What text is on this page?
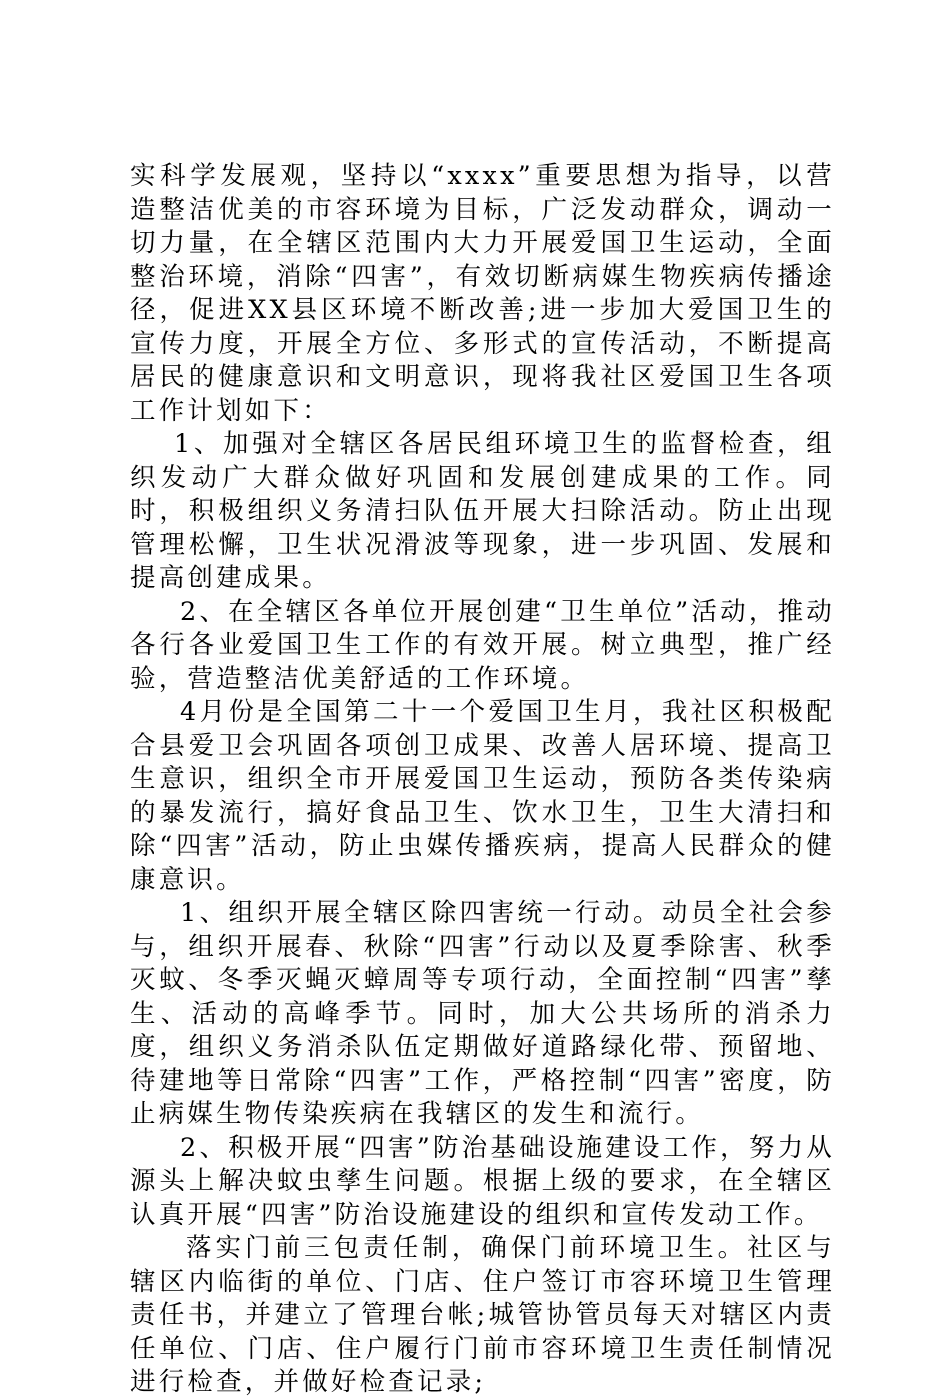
实科学发展观，坚持以“xxxx”重要思想为指导，以营造整洁优美的市容环境为目标，广泛发动群众，调动一切力量，在全辖区范围内大力开展爱国卫生运动，全面整治环境，消除“四害”，有效切断病媒生物疾病传播途径，促进XX县区环境不断改善;进一步加大爱国卫生的宣传力度，开展全方位、多形式的宣传活动，不断提高居民的健康意识和文明意识，现将我社区爱国卫生各项工作计划如下：

1、加强对全辖区各居民组环境卫生的监督检查，组织发动广大群众做好巩固和发展创建成果的工作。同时，积极组织义务清扫队伍开展大扫除活动。防止出现管理松懈，卫生状况滑波等现象，进一步巩固、发展和提高创建成果。

2、在全辖区各单位开展创建“卫生单位”活动，推动各行各业爱国卫生工作的有效开展。树立典型，推广经验，营造整洁优美舒适的工作环境。

4月份是全国第二十一个爱国卫生月，我社区积极配合县爱卫会巩固各项创卫成果、改善人居环境、提高卫生意识，组织全市开展爱国卫生运动，预防各类传染病的暴发流行，搞好食品卫生、饮水卫生，卫生大清扫和除“四害”活动，防止虫媒传播疾病，提高人民群众的健康意识。

1、组织开展全辖区除四害统一行动。动员全社会参与，组织开展春、秋除“四害”行动以及夏季除害、秋季灭蚊、冬季灭蝇灭蟑周等专项行动，全面控制“四害”孳生、活动的高峰季节。同时，加大公共场所的消杀力度，组织义务消杀队伍定期做好道路绿化带、预留地、待建地等日常除“四害”工作，严格控制“四害”密度，防止病媒生物传染疾病在我辖区的发生和流行。

2、积极开展“四害”防治基础设施建设工作，努力从源头上解决蚊虫孳生问题。根据上级的要求，在全辖区认真开展“四害”防治设施建设的组织和宣传发动工作。

落实门前三包责任制，确保门前环境卫生。社区与辖区内临街的单位、门店、住户签订市容环境卫生管理责任书，并建立了管理台帐;城管协管员每天对辖区内责任单位、门店、住户履行门前市容环境卫生责任制情况进行检查，并做好检查记录;
